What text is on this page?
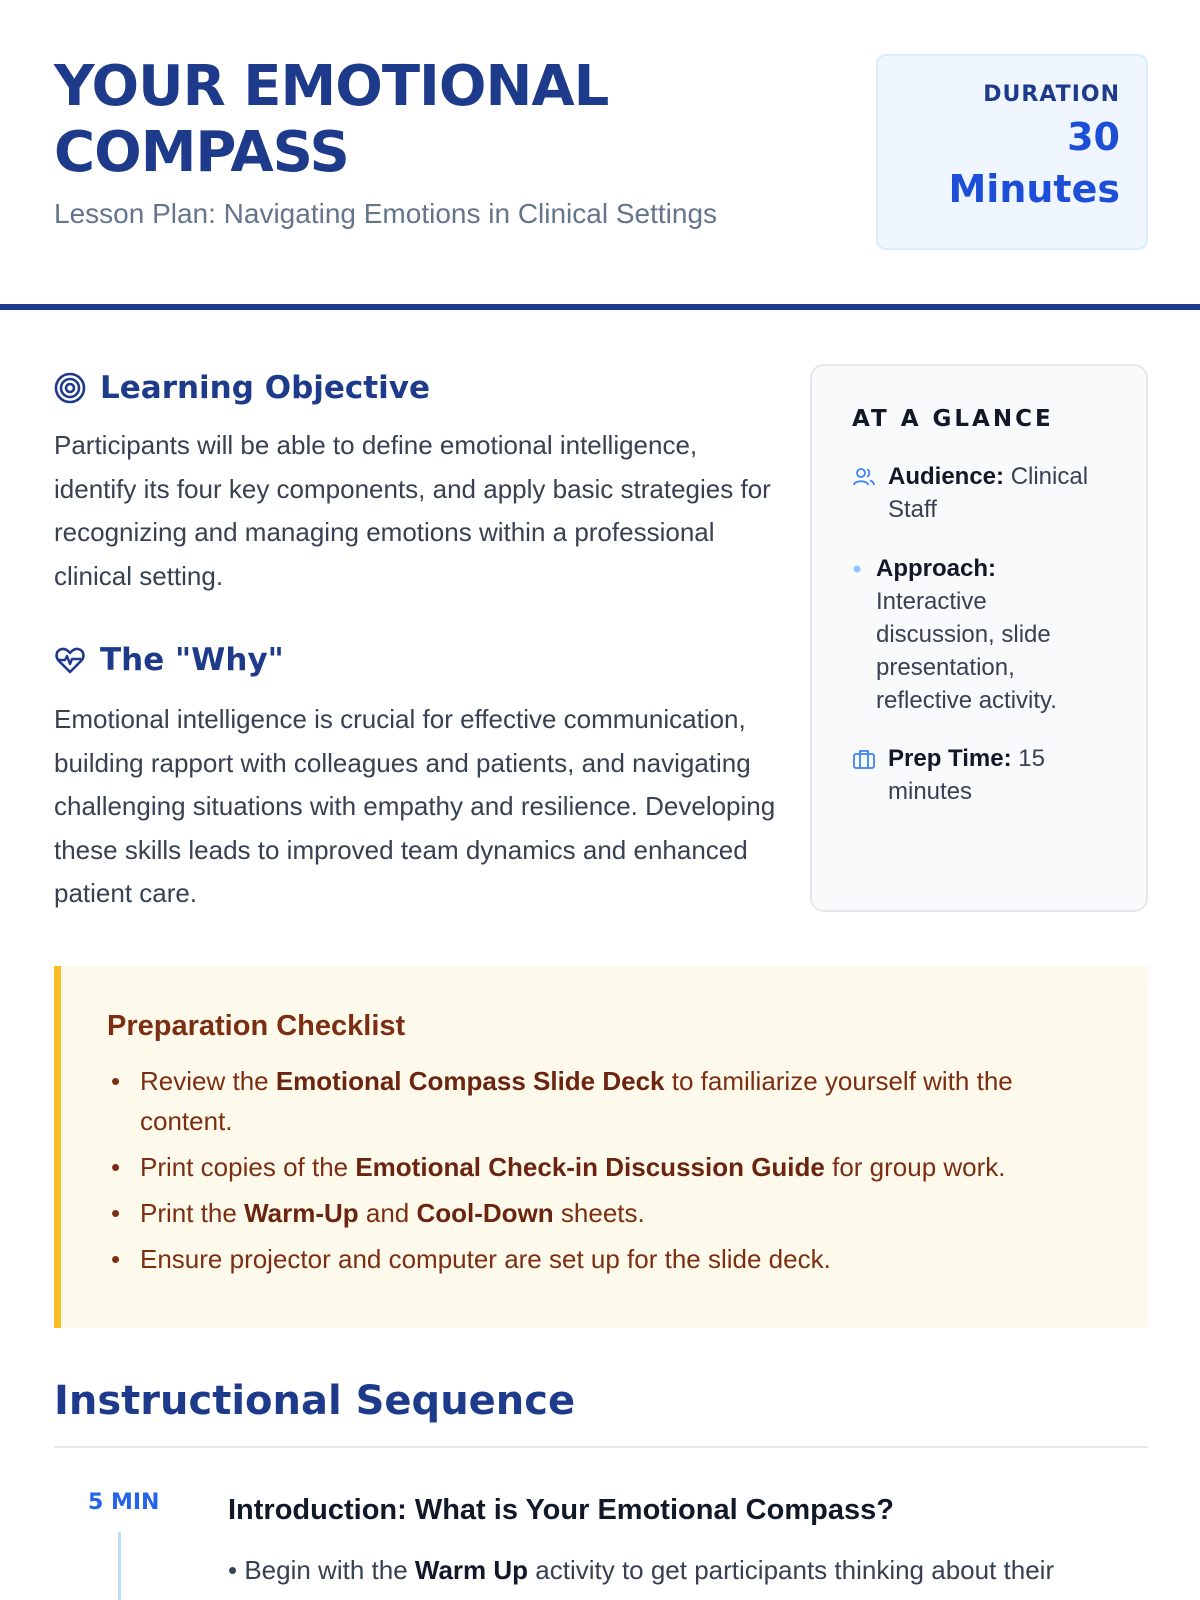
YOUR EMOTIONAL
COMPASS
Lesson Plan: Navigating Emotions in Clinical Settings
DURATION
30
Minutes
Learning Objective

Participants will be able to define emotional intelligence, identify its four key components, and apply basic strategies for recognizing and managing emotions within a professional clinical setting.

The "Why"

Emotional intelligence is crucial for effective communication, building rapport with colleagues and patients, and navigating challenging situations with empathy and resilience. Developing these skills leads to improved team dynamics and enhanced patient care.

AT A GLANCE
Audience: Clinical Staff
Approach:
Interactive discussion, slide presentation, reflective activity.
Prep Time: 15 minutes
Preparation Checklist
• Review the Emotional Compass Slide Deck to familiarize yourself with the content.
• Print copies of the Emotional Check-in Discussion Guide for group work.
• Print the Warm-Up and Cool-Down sheets.
• Ensure projector and computer are set up for the slide deck.
Instructional Sequence
5 MIN Introduction: What is Your Emotional Compass?
• Begin with the Warm Up activity to get participants thinking about their
